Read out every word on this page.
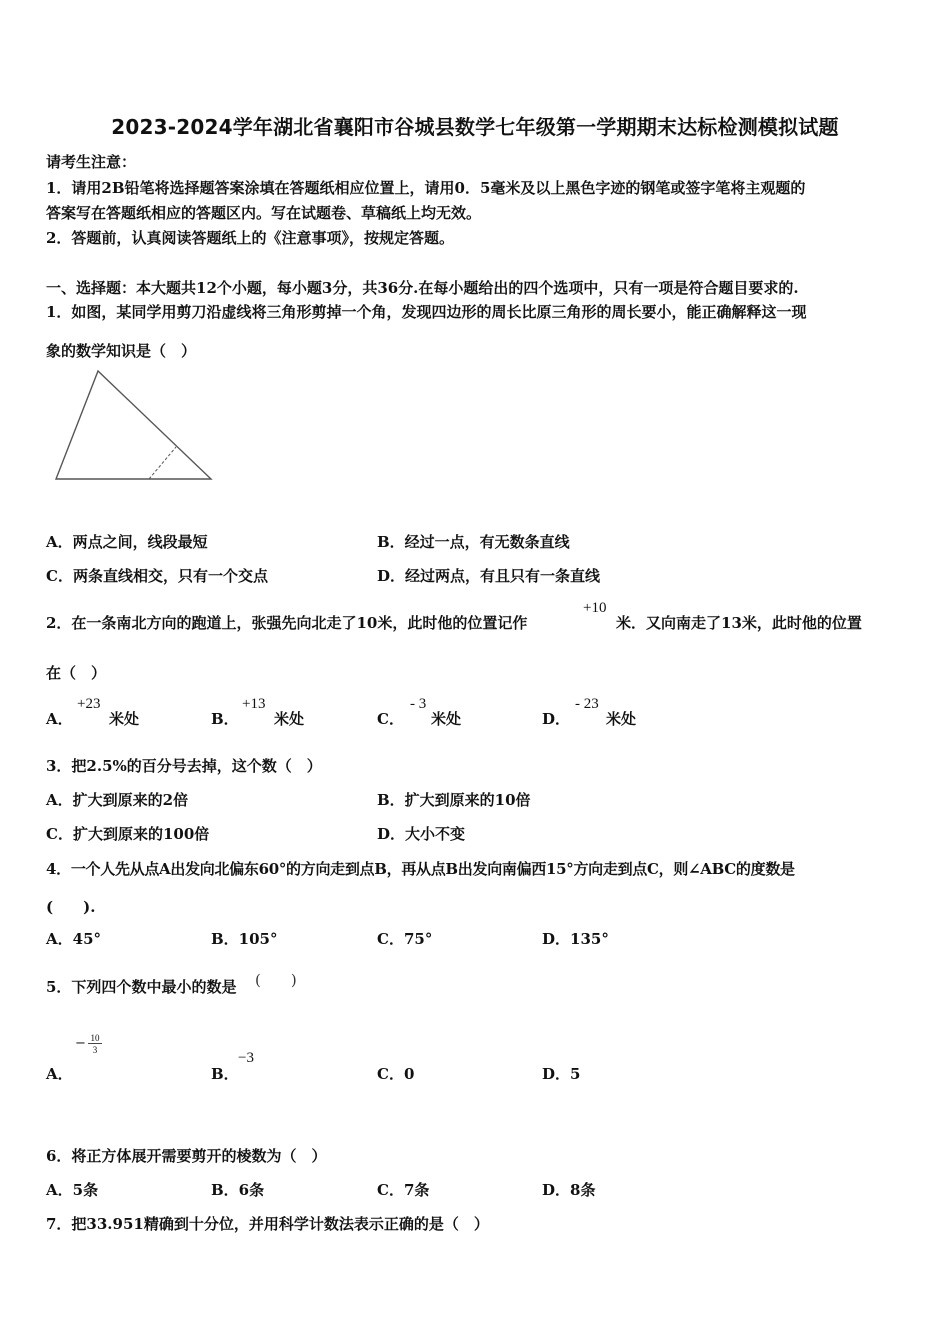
2023-2024学年湖北省襄阳市谷城县数学七年级第一学期期末达标检测模拟试题
请考生注意：
1．请用2B铅笔将选择题答案涂填在答题纸相应位置上，请用0．5毫米及以上黑色字迹的钢笔或签字笔将主观题的
答案写在答题纸相应的答题区内。写在试题卷、草稿纸上均无效。
2．答题前，认真阅读答题纸上的《注意事项》，按规定答题。
一、选择题：本大题共12个小题，每小题3分，共36分.在每小题给出的四个选项中，只有一项是符合题目要求的.
1．如图，某同学用剪刀沿虚线将三角形剪掉一个角，发现四边形的周长比原三角形的周长要小，能正确解释这一现
象的数学知识是（　）
A．两点之间，线段最短	B．经过一点，有无数条直线
C．两条直线相交，只有一个交点	D．经过两点，有且只有一条直线
2．在一条南北方向的跑道上，张强先向北走了10米，此时他的位置记作
+10
米．又向南走了13米，此时他的位置
在（　）
A．
+23
米处	B．
+13
米处	C．
- 3
米处	D．
- 23
米处
3．把2.5%的百分号去掉，这个数（　）
A．扩大到原来的2倍	B．扩大到原来的10倍
C．扩大到原来的100倍	D．大小不变
4．一个人先从点A出发向北偏东60°的方向走到点B，再从点B出发向南偏西15°方向走到点C，则∠ABC的度数是
(　　).
A．45°	B．105°	C．75°	D．135°
5．下列四个数中最小的数是 (　　)
A．
− 10
3
B．
−3
C．0	D．5
6．将正方体展开需要剪开的棱数为（　）
A．5条	B．6条	C．7条	D．8条
7．把33.951精确到十分位，并用科学计数法表示正确的是（　）
